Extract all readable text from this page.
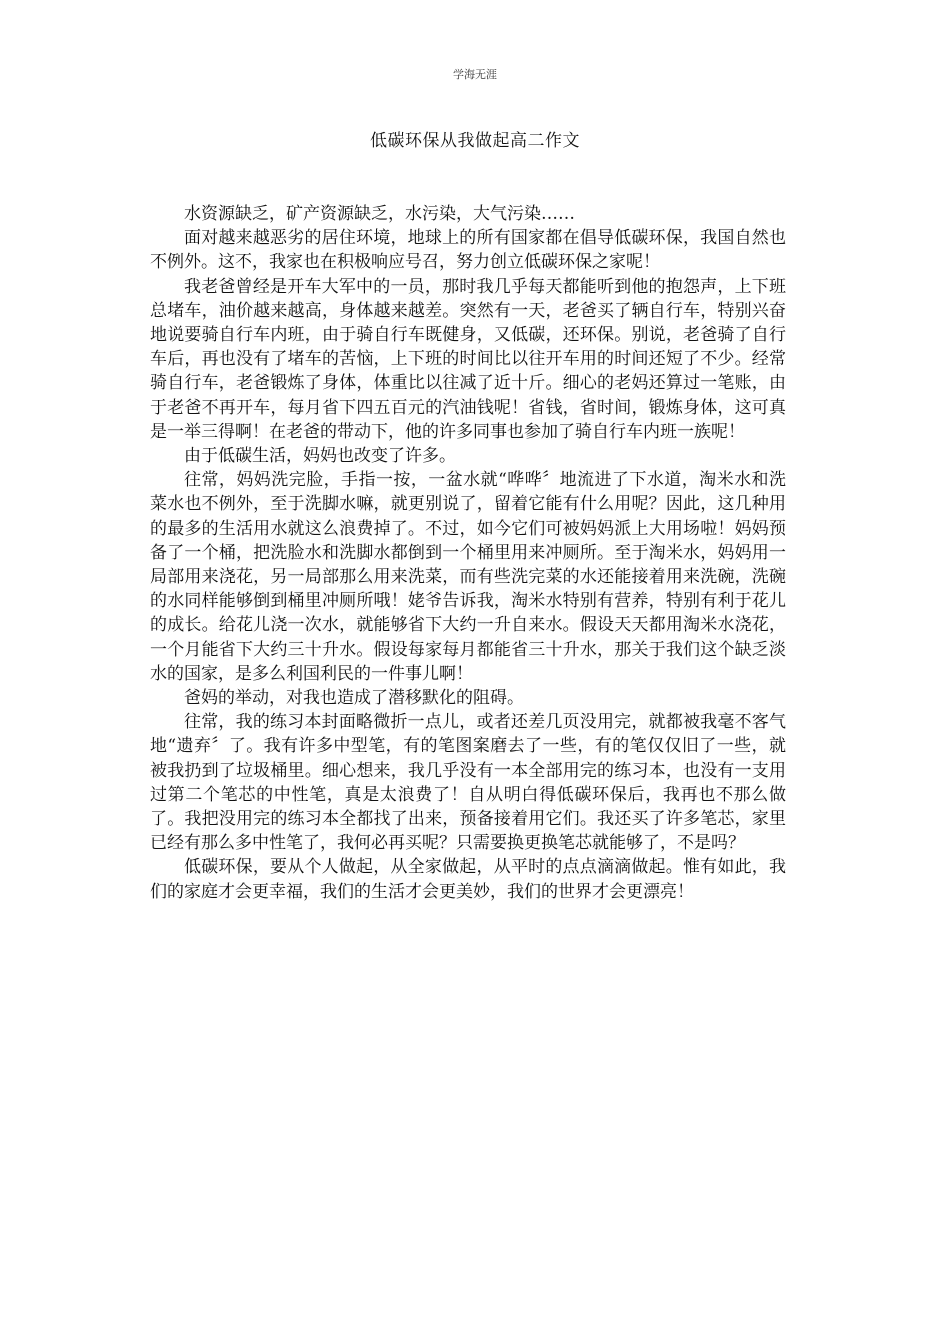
学海无涯
低碳环保从我做起高二作文

水资源缺乏，矿产资源缺乏，水污染，大气污染……

面对越来越恶劣的居住环境，地球上的所有国家都在倡导低碳环保，我国自然也不例外。这不，我家也在积极响应号召，努力创立低碳环保之家呢！

我老爸曾经是开车大军中的一员，那时我几乎每天都能听到他的抱怨声，上下班总堵车，油价越来越高，身体越来越差。突然有一天，老爸买了辆自行车，特别兴奋地说要骑自行车内班，由于骑自行车既健身，又低碳，还环保。别说，老爸骑了自行车后，再也没有了堵车的苦恼，上下班的时间比以往开车用的时间还短了不少。经常骑自行车，老爸锻炼了身体，体重比以往减了近十斤。细心的老妈还算过一笔账，由于老爸不再开车，每月省下四五百元的汽油钱呢！省钱，省时间，锻炼身体，这可真是一举三得啊！在老爸的带动下，他的许多同事也参加了骑自行车内班一族呢！

由于低碳生活，妈妈也改变了许多。

往常，妈妈洗完脸，手指一按，一盆水就“哗哗〞地流进了下水道，淘米水和洗菜水也不例外，至于洗脚水嘛，就更别说了，留着它能有什么用呢？因此，这几种用的最多的生活用水就这么浪费掉了。不过，如今它们可被妈妈派上大用场啦！妈妈预备了一个桶，把洗脸水和洗脚水都倒到一个桶里用来冲厕所。至于淘米水，妈妈用一局部用来浇花，另一局部那么用来洗菜，而有些洗完菜的水还能接着用来洗碗，洗碗的水同样能够倒到桶里冲厕所哦！姥爷告诉我，淘米水特别有营养，特别有利于花儿的成长。给花儿浇一次水，就能够省下大约一升自来水。假设天天都用淘米水浇花，一个月能省下大约三十升水。假设每家每月都能省三十升水，那关于我们这个缺乏淡水的国家，是多么利国利民的一件事儿啊！

爸妈的举动，对我也造成了潜移默化的阻碍。

往常，我的练习本封面略微折一点儿，或者还差几页没用完，就都被我毫不客气地“遗弃〞了。我有许多中型笔，有的笔图案磨去了一些，有的笔仅仅旧了一些，就被我扔到了垃圾桶里。细心想来，我几乎没有一本全部用完的练习本，也没有一支用过第二个笔芯的中性笔，真是太浪费了！自从明白得低碳环保后，我再也不那么做了。我把没用完的练习本全都找了出来，预备接着用它们。我还买了许多笔芯，家里已经有那么多中性笔了，我何必再买呢？只需要换更换笔芯就能够了，不是吗？

低碳环保，要从个人做起，从全家做起，从平时的点点滴滴做起。惟有如此，我们的家庭才会更幸福，我们的生活才会更美妙，我们的世界才会更漂亮！
